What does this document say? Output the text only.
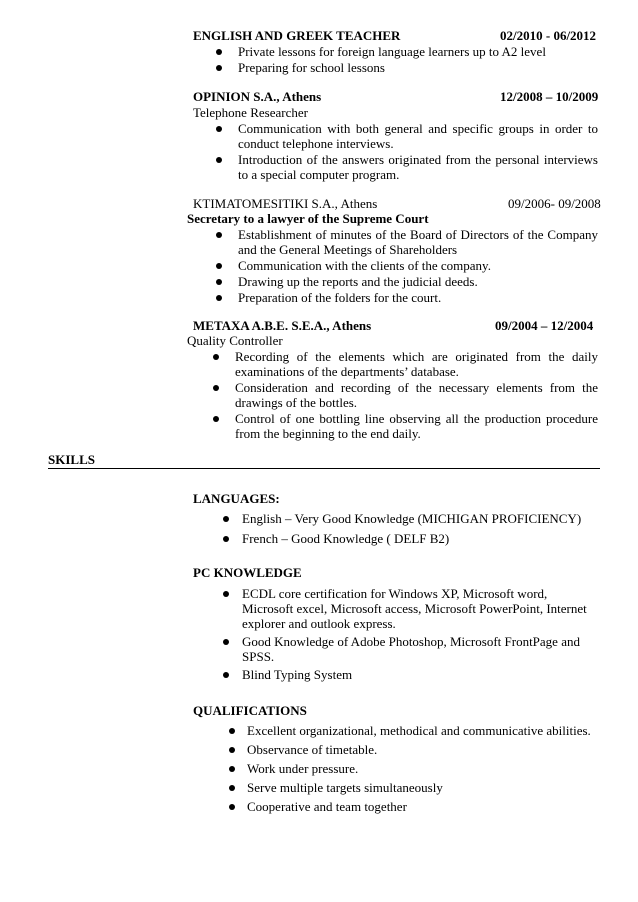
ENGLISH AND GREEK TEACHER	02/2010 - 06/2012
Private lessons for foreign language learners up to A2 level
Preparing for school lessons
OPINION S.A., Athens	12/2008 – 10/2009
Telephone Researcher
Communication with both general and specific groups in order to
conduct telephone interviews.
Introduction of the answers originated from the personal interviews
to a special computer program.
KTIMATOMESITIKI S.A., Athens	09/2006- 09/2008
Secretary to a lawyer of the Supreme Court
Establishment of minutes of the Board of Directors of the Company
and the General Meetings of Shareholders
Communication with the clients of the company.
Drawing up the reports and the judicial deeds.
Preparation of the folders for the court.
METAXA A.B.E. S.E.A., Athens	09/2004 – 12/2004
Quality Controller
Recording of the elements which are originated from the daily
examinations of the departments’ database.
Consideration and recording of the necessary elements from the
drawings of the bottles.
Control of one bottling line observing all the production procedure
from the beginning to the end daily.
SKILLS
LANGUAGES:
English – Very Good Knowledge (MICHIGAN PROFICIENCY)
French – Good Knowledge ( DELF B2)
PC KNOWLEDGE
ECDL core certification for Windows XP, Microsoft word,
Microsoft excel, Microsoft access, Microsoft PowerPoint, Internet
explorer and outlook express.
Good Knowledge of Adobe Photoshop, Microsoft FrontPage and
SPSS.
Blind Typing System
QUALIFICATIONS
Excellent organizational, methodical and communicative abilities.
Observance of timetable.
Work under pressure.
Serve multiple targets simultaneously
Cooperative and team together
